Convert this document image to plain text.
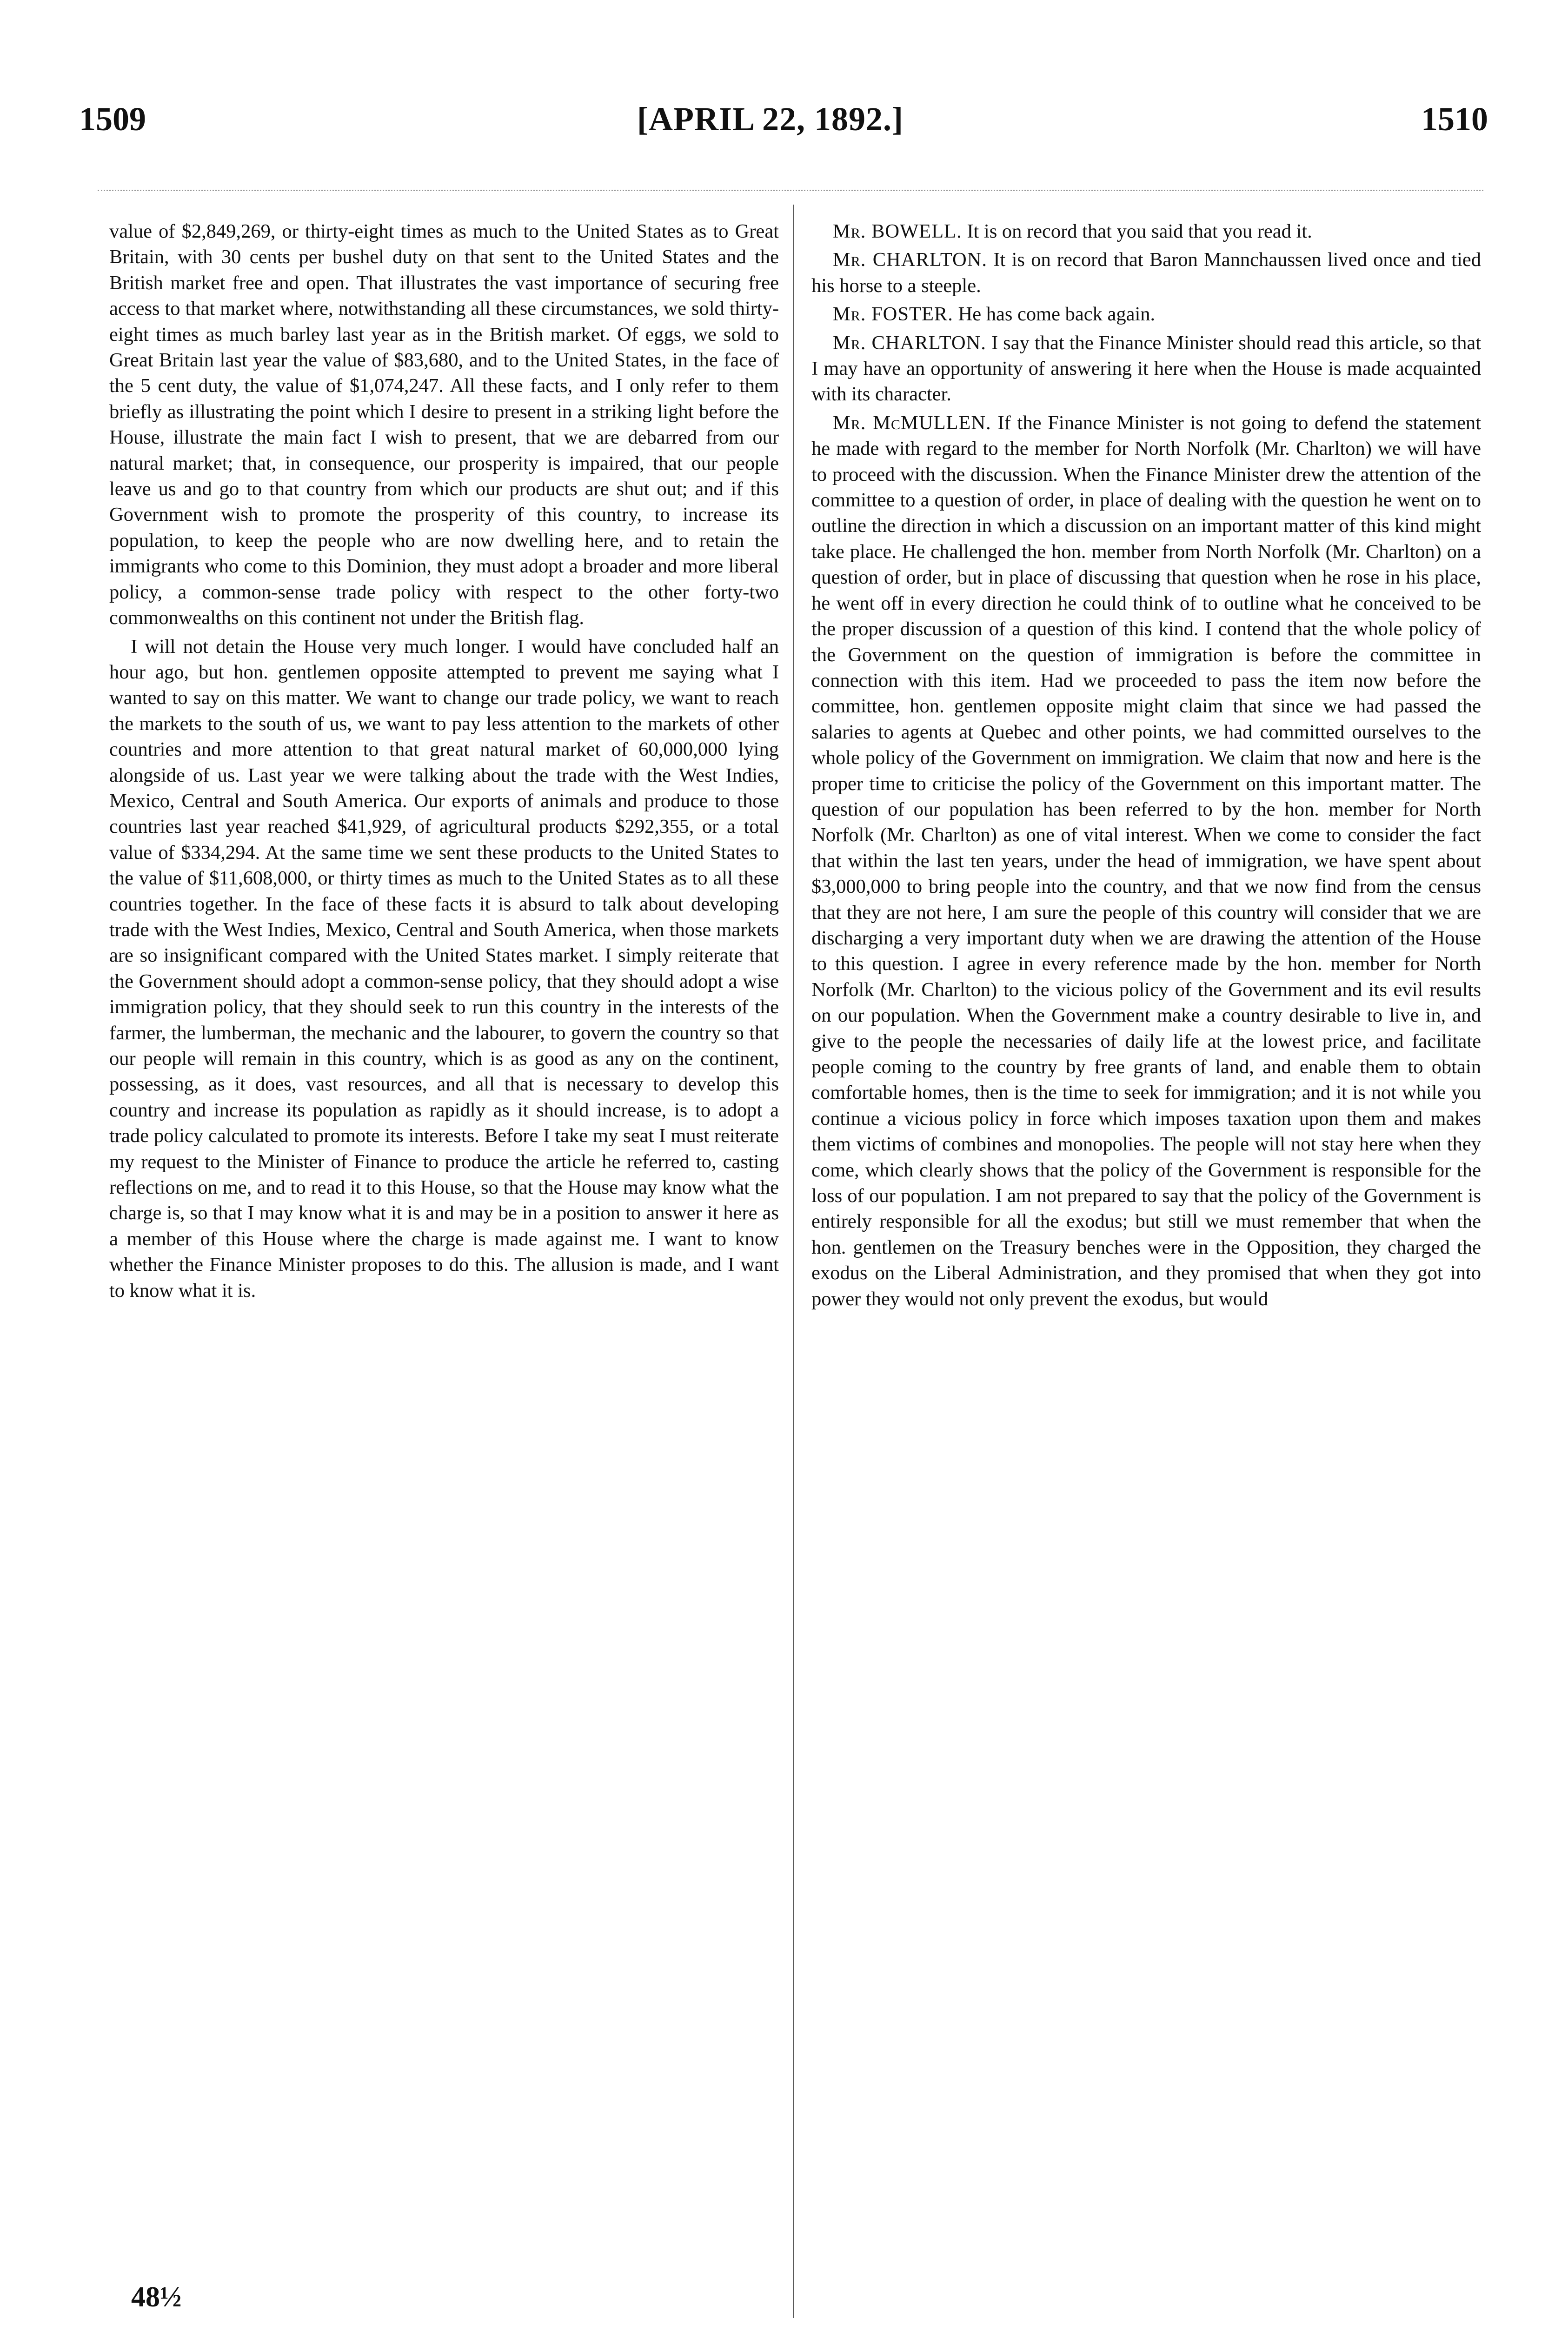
1509	[APRIL 22, 1892.]	1510

value of $2,849,269, or thirty-eight times as much to the United States as to Great Britain, with 30 cents per bushel duty on that sent to the United States and the British market free and open. That illustrates the vast importance of securing free access to that market where, notwithstanding all these circumstances, we sold thirty-eight times as much barley last year as in the British market. Of eggs, we sold to Great Britain last year the value of $83,680, and to the United States, in the face of the 5 cent duty, the value of $1,074,247. All these facts, and I only refer to them briefly as illustrating the point which I desire to present in a striking light before the House, illustrate the main fact I wish to present, that we are debarred from our natural market; that, in consequence, our prosperity is impaired, that our people leave us and go to that country from which our products are shut out; and if this Government wish to promote the prosperity of this country, to increase its population, to keep the people who are now dwelling here, and to retain the immigrants who come to this Dominion, they must adopt a broader and more liberal policy, a common-sense trade policy with respect to the other forty-two commonwealths on this continent not under the British flag.

I will not detain the House very much longer. I would have concluded half an hour ago, but hon. gentlemen opposite attempted to prevent me saying what I wanted to say on this matter. We want to change our trade policy, we want to reach the markets to the south of us, we want to pay less attention to the markets of other countries and more attention to that great natural market of 60,000,000 lying alongside of us. Last year we were talking about the trade with the West Indies, Mexico, Central and South America. Our exports of animals and produce to those countries last year reached $41,929, of agricultural products $292,355, or a total value of $334,294. At the same time we sent these products to the United States to the value of $11,608,000, or thirty times as much to the United States as to all these countries together. In the face of these facts it is absurd to talk about developing trade with the West Indies, Mexico, Central and South America, when those markets are so insignificant compared with the United States market. I simply reiterate that the Government should adopt a common-sense policy, that they should adopt a wise immigration policy, that they should seek to run this country in the interests of the farmer, the lumberman, the mechanic and the labourer, to govern the country so that our people will remain in this country, which is as good as any on the continent, possessing, as it does, vast resources, and all that is necessary to develop this country and increase its population as rapidly as it should increase, is to adopt a trade policy calculated to promote its interests. Before I take my seat I must reiterate my request to the Minister of Finance to produce the article he referred to, casting reflections on me, and to read it to this House, so that the House may know what the charge is, so that I may know what it is and may be in a position to answer it here as a member of this House where the charge is made against me. I want to know whether the Finance Minister proposes to do this. The allusion is made, and I want to know what it is.

Mr. BOWELL. It is on record that you said that you read it.

Mr. CHARLTON. It is on record that Baron Mannchaussen lived once and tied his horse to a steeple.

Mr. FOSTER. He has come back again.

Mr. CHARLTON. I say that the Finance Minister should read this article, so that I may have an opportunity of answering it here when the House is made acquainted with its character.

Mr. McMULLEN. If the Finance Minister is not going to defend the statement he made with regard to the member for North Norfolk (Mr. Charlton) we will have to proceed with the discussion. When the Finance Minister drew the attention of the committee to a question of order, in place of dealing with the question he went on to outline the direction in which a discussion on an important matter of this kind might take place. He challenged the hon. member from North Norfolk (Mr. Charlton) on a question of order, but in place of discussing that question when he rose in his place, he went off in every direction he could think of to outline what he conceived to be the proper discussion of a question of this kind. I contend that the whole policy of the Government on the question of immigration is before the committee in connection with this item. Had we proceeded to pass the item now before the committee, hon. gentlemen opposite might claim that since we had passed the salaries to agents at Quebec and other points, we had committed ourselves to the whole policy of the Government on immigration. We claim that now and here is the proper time to criticise the policy of the Government on this important matter. The question of our population has been referred to by the hon. member for North Norfolk (Mr. Charlton) as one of vital interest. When we come to consider the fact that within the last ten years, under the head of immigration, we have spent about $3,000,000 to bring people into the country, and that we now find from the census that they are not here, I am sure the people of this country will consider that we are discharging a very important duty when we are drawing the attention of the House to this question. I agree in every reference made by the hon. member for North Norfolk (Mr. Charlton) to the vicious policy of the Government and its evil results on our population. When the Government make a country desirable to live in, and give to the people the necessaries of daily life at the lowest price, and facilitate people coming to the country by free grants of land, and enable them to obtain comfortable homes, then is the time to seek for immigration; and it is not while you continue a vicious policy in force which imposes taxation upon them and makes them victims of combines and monopolies. The people will not stay here when they come, which clearly shows that the policy of the Government is responsible for the loss of our population. I am not prepared to say that the policy of the Government is entirely responsible for all the exodus; but still we must remember that when the hon. gentlemen on the Treasury benches were in the Opposition, they charged the exodus on the Liberal Administration, and they promised that when they got into power they would not only prevent the exodus, but would

48½
